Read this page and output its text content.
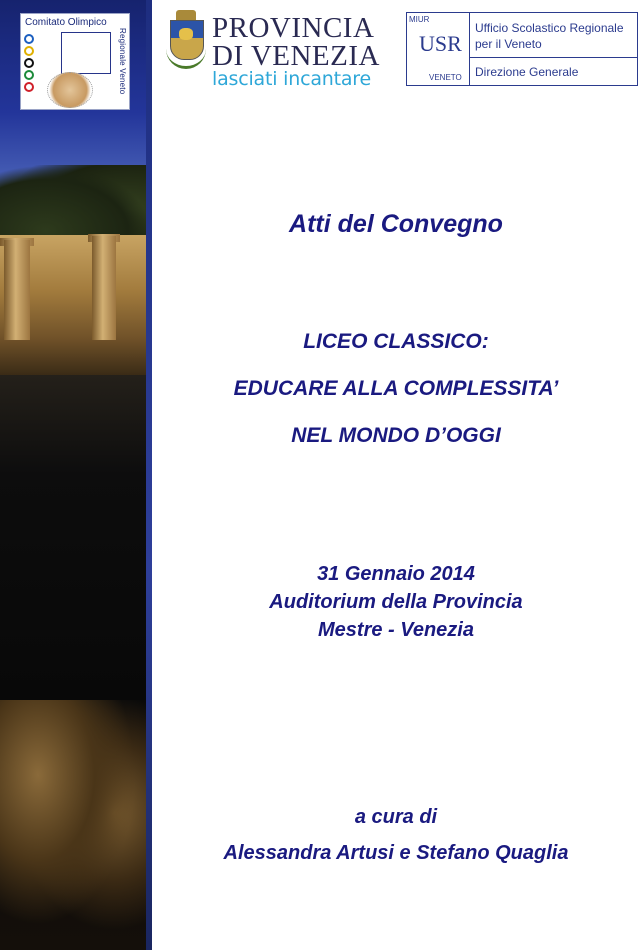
Comitato Olimpico
Regionale Veneto	PROVINCIA
DI VENEZIA
lasciati incantare
MIUR
USR
VENETO
Ufficio Scolastico Regionale
per il Veneto
Direzione Generale
Atti del Convegno
LICEO CLASSICO:
EDUCARE ALLA COMPLESSITA’
NEL MONDO D’OGGI
31 Gennaio 2014
Auditorium della Provincia
Mestre - Venezia
a cura di
Alessandra Artusi e Stefano Quaglia
